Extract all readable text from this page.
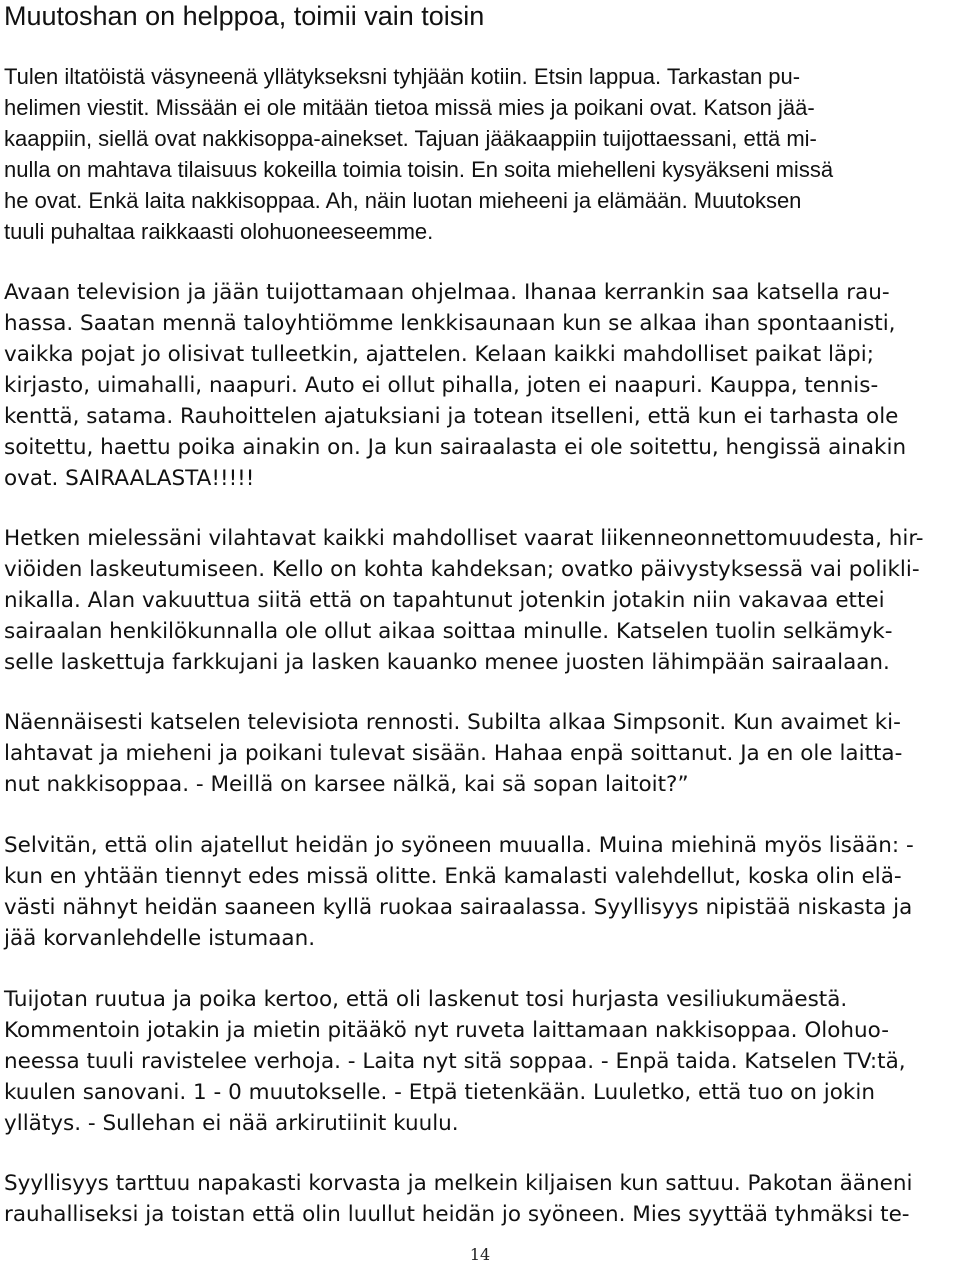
Muutoshan on helppoa, toimii vain toisin

Tulen iltatöistä väsyneenä yllätykseksni tyhjään kotiin. Etsin lappua. Tarkastan pu-
helimen viestit. Missään ei ole mitään tietoa missä mies ja poikani ovat. Katson jää-
kaappiin, siellä ovat nakkisoppa-ainekset. Tajuan jääkaappiin tuijottaessani, että mi-
nulla on mahtava tilaisuus kokeilla toimia toisin. En soita miehelleni kysyäkseni missä
he ovat. Enkä laita nakkisoppaa. Ah, näin luotan mieheeni ja elämään. Muutoksen
tuuli puhaltaa raikkaasti olohuoneeseemme.

Avaan television ja jään tuijottamaan ohjelmaa. Ihanaa kerrankin saa katsella rau-
hassa. Saatan mennä taloyhtiömme lenkkisaunaan kun se alkaa ihan spontaanisti,
vaikka pojat jo olisivat tulleetkin, ajattelen. Kelaan kaikki mahdolliset paikat läpi;
kirjasto, uimahalli, naapuri. Auto ei ollut pihalla, joten ei naapuri. Kauppa, tennis-
kenttä, satama. Rauhoittelen ajatuksiani ja totean itselleni, että kun ei tarhasta ole
soitettu, haettu poika ainakin on. Ja kun sairaalasta ei ole soitettu, hengissä ainakin
ovat. SAIRAALASTA!!!!!

Hetken mielessäni vilahtavat kaikki mahdolliset vaarat liikenneonnettomuudesta, hir-
viöiden laskeutumiseen. Kello on kohta kahdeksan; ovatko päivystyksessä vai polikli-
nikalla. Alan vakuuttua siitä että on tapahtunut jotenkin jotakin niin vakavaa ettei
sairaalan henkilökunnalla ole ollut aikaa soittaa minulle. Katselen tuolin selkämyk-
selle laskettuja farkkujani ja lasken kauanko menee juosten lähimpään sairaalaan.

Näennäisesti katselen televisiota rennosti. Subilta alkaa Simpsonit. Kun avaimet ki-
lahtavat ja mieheni ja poikani tulevat sisään. Hahaa enpä soittanut. Ja en ole laitta-
nut nakkisoppaa. - Meillä on karsee nälkä, kai sä sopan laitoit?”

Selvitän, että olin ajatellut heidän jo syöneen muualla. Muina miehinä myös lisään: -
kun en yhtään tiennyt edes missä olitte. Enkä kamalasti valehdellut, koska olin elä-
västi nähnyt heidän saaneen kyllä ruokaa sairaalassa. Syyllisyys nipistää niskasta ja
jää korvanlehdelle istumaan.

Tuijotan ruutua ja poika kertoo, että oli laskenut tosi hurjasta vesiliukumäestä.
Kommentoin jotakin ja mietin pitääkö nyt ruveta laittamaan nakkisoppaa. Olohuo-
neessa tuuli ravistelee verhoja. - Laita nyt sitä soppaa. - Enpä taida. Katselen TV:tä,
kuulen sanovani. 1 - 0 muutokselle. - Etpä tietenkään. Luuletko, että tuo on jokin
yllätys. - Sullehan ei nää arkirutiinit kuulu.

Syyllisyys tarttuu napakasti korvasta ja melkein kiljaisen kun sattuu. Pakotan ääneni
rauhalliseksi ja toistan että olin luullut heidän jo syöneen. Mies syyttää tyhmäksi te-

14
